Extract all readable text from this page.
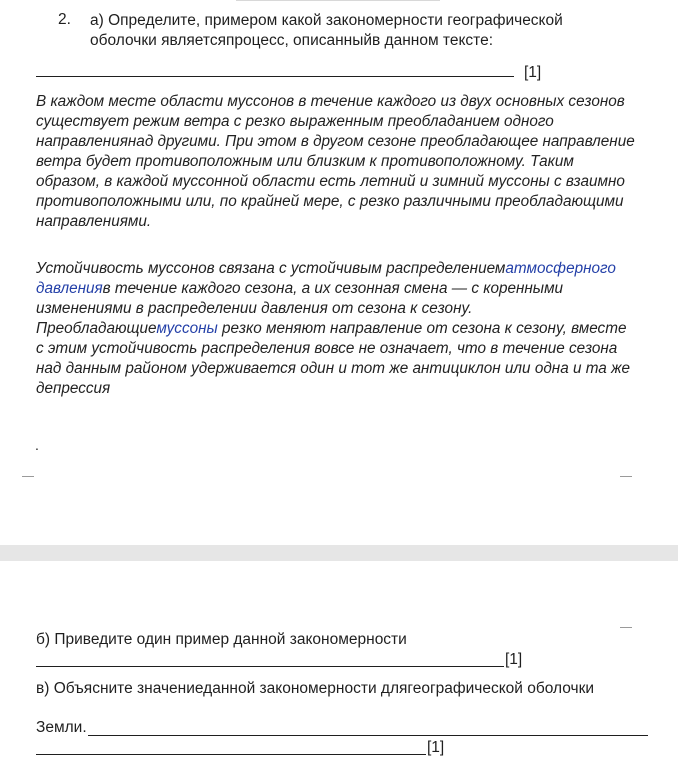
2. а) Определите, примером какой закономерности географической оболочки являетсяпроцесс, описанныйв данном тексте:
[1]

В каждом месте области муссонов в течение каждого из двух основных сезонов существует режим ветра с резко выраженным преобладанием одного направлениянад другими. При этом в другом сезоне преобладающее направление ветра будет противоположным или близким к противоположному. Таким образом, в каждой муссонной области есть летний и зимний муссоны с взаимно противоположными или, по крайней мере, с резко различными преобладающими направлениями.

Устойчивость муссонов связана с устойчивым распределениематмосферного давленияв течение каждого сезона, а их сезонная смена — с коренными изменениями в распределении давления от сезона к сезону. Преобладающиемуссоны резко меняют направление от сезона к сезону, вместе с этим устойчивость распределения вовсе не означает, что в течение сезона над данным районом удерживается один и тот же антициклон или одна и та же депрессия

.
б) Приведите один пример данной закономерности
[1]
в) Объясните значениеданной закономерности длягеографической оболочки
Земли.
[1]
